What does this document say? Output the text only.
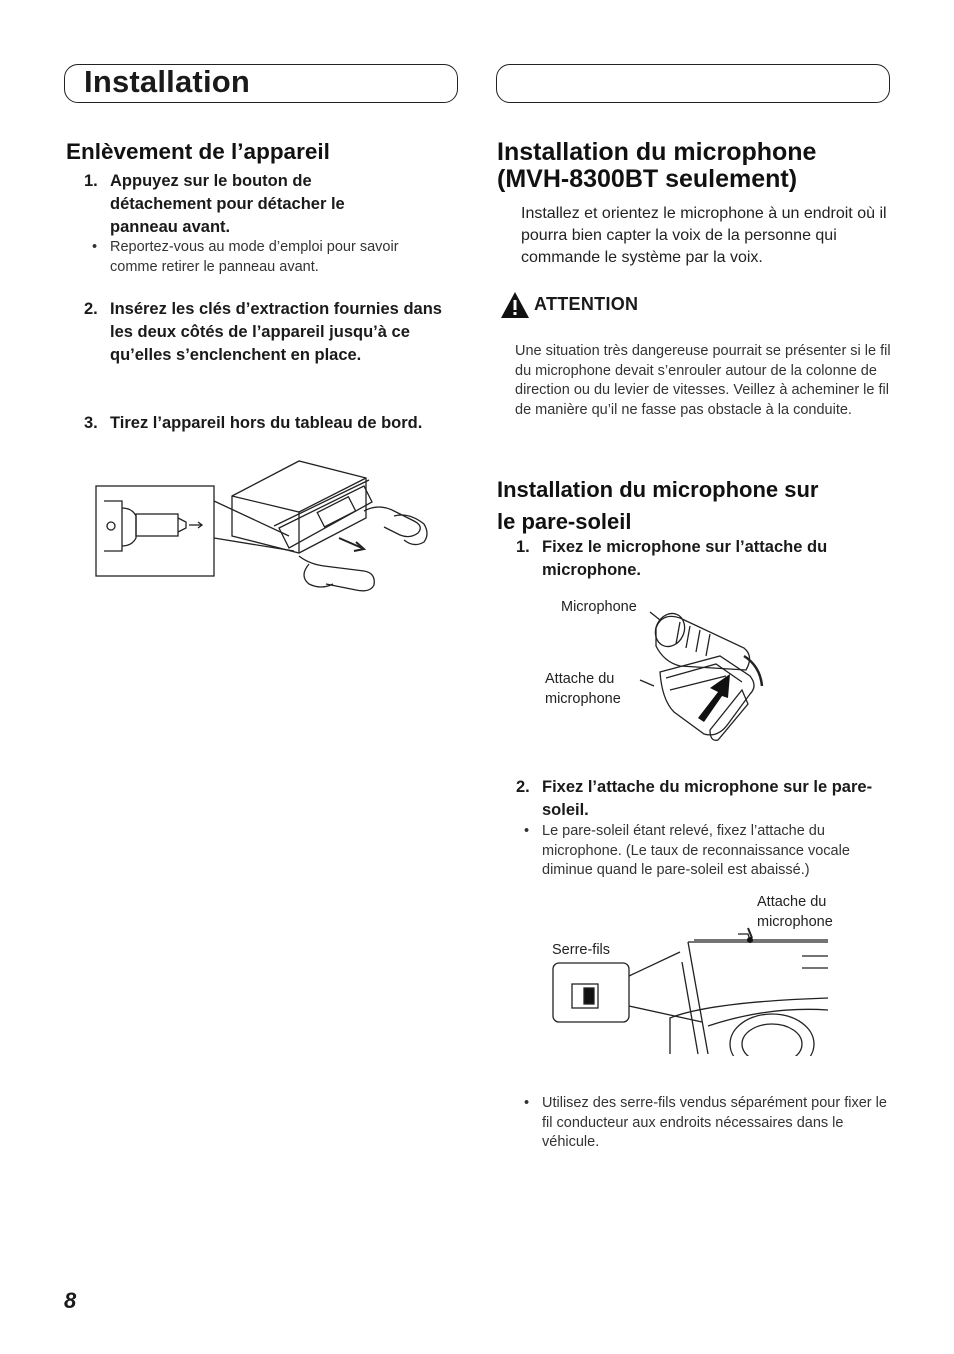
Installation
Enlèvement de l’appareil
1. Appuyez sur le bouton de détachement pour détacher le panneau avant.
• Reportez-vous au mode d’emploi pour savoir comme retirer le panneau avant.
2. Insérez les clés d’extraction fournies dans les deux côtés de l’appareil jusqu’à ce qu’elles s’enclenchent en place.
3. Tirez l’appareil hors du tableau de bord.
Installation du microphone
(MVH-8300BT seulement)
Installez et orientez le microphone à un endroit où il pourra bien capter la voix de la personne qui commande le système par la voix.
ATTENTION
Une situation très dangereuse pourrait se présenter si le fil du microphone devait s’enrouler autour de la colonne de direction ou du levier de vitesses. Veillez à acheminer le fil de manière qu’il ne fasse pas obstacle à la conduite.
Installation du microphone sur
le pare-soleil
1. Fixez le microphone sur l’attache du microphone.
Microphone
Attache du microphone
2. Fixez l’attache du microphone sur le pare-soleil.
• Le pare-soleil étant relevé, fixez l’attache du microphone. (Le taux de reconnaissance vocale diminue quand le pare-soleil est abaissé.)
Attache du microphone
Serre-fils
• Utilisez des serre-fils vendus séparément pour fixer le fil conducteur aux endroits nécessaires dans le véhicule.
8
